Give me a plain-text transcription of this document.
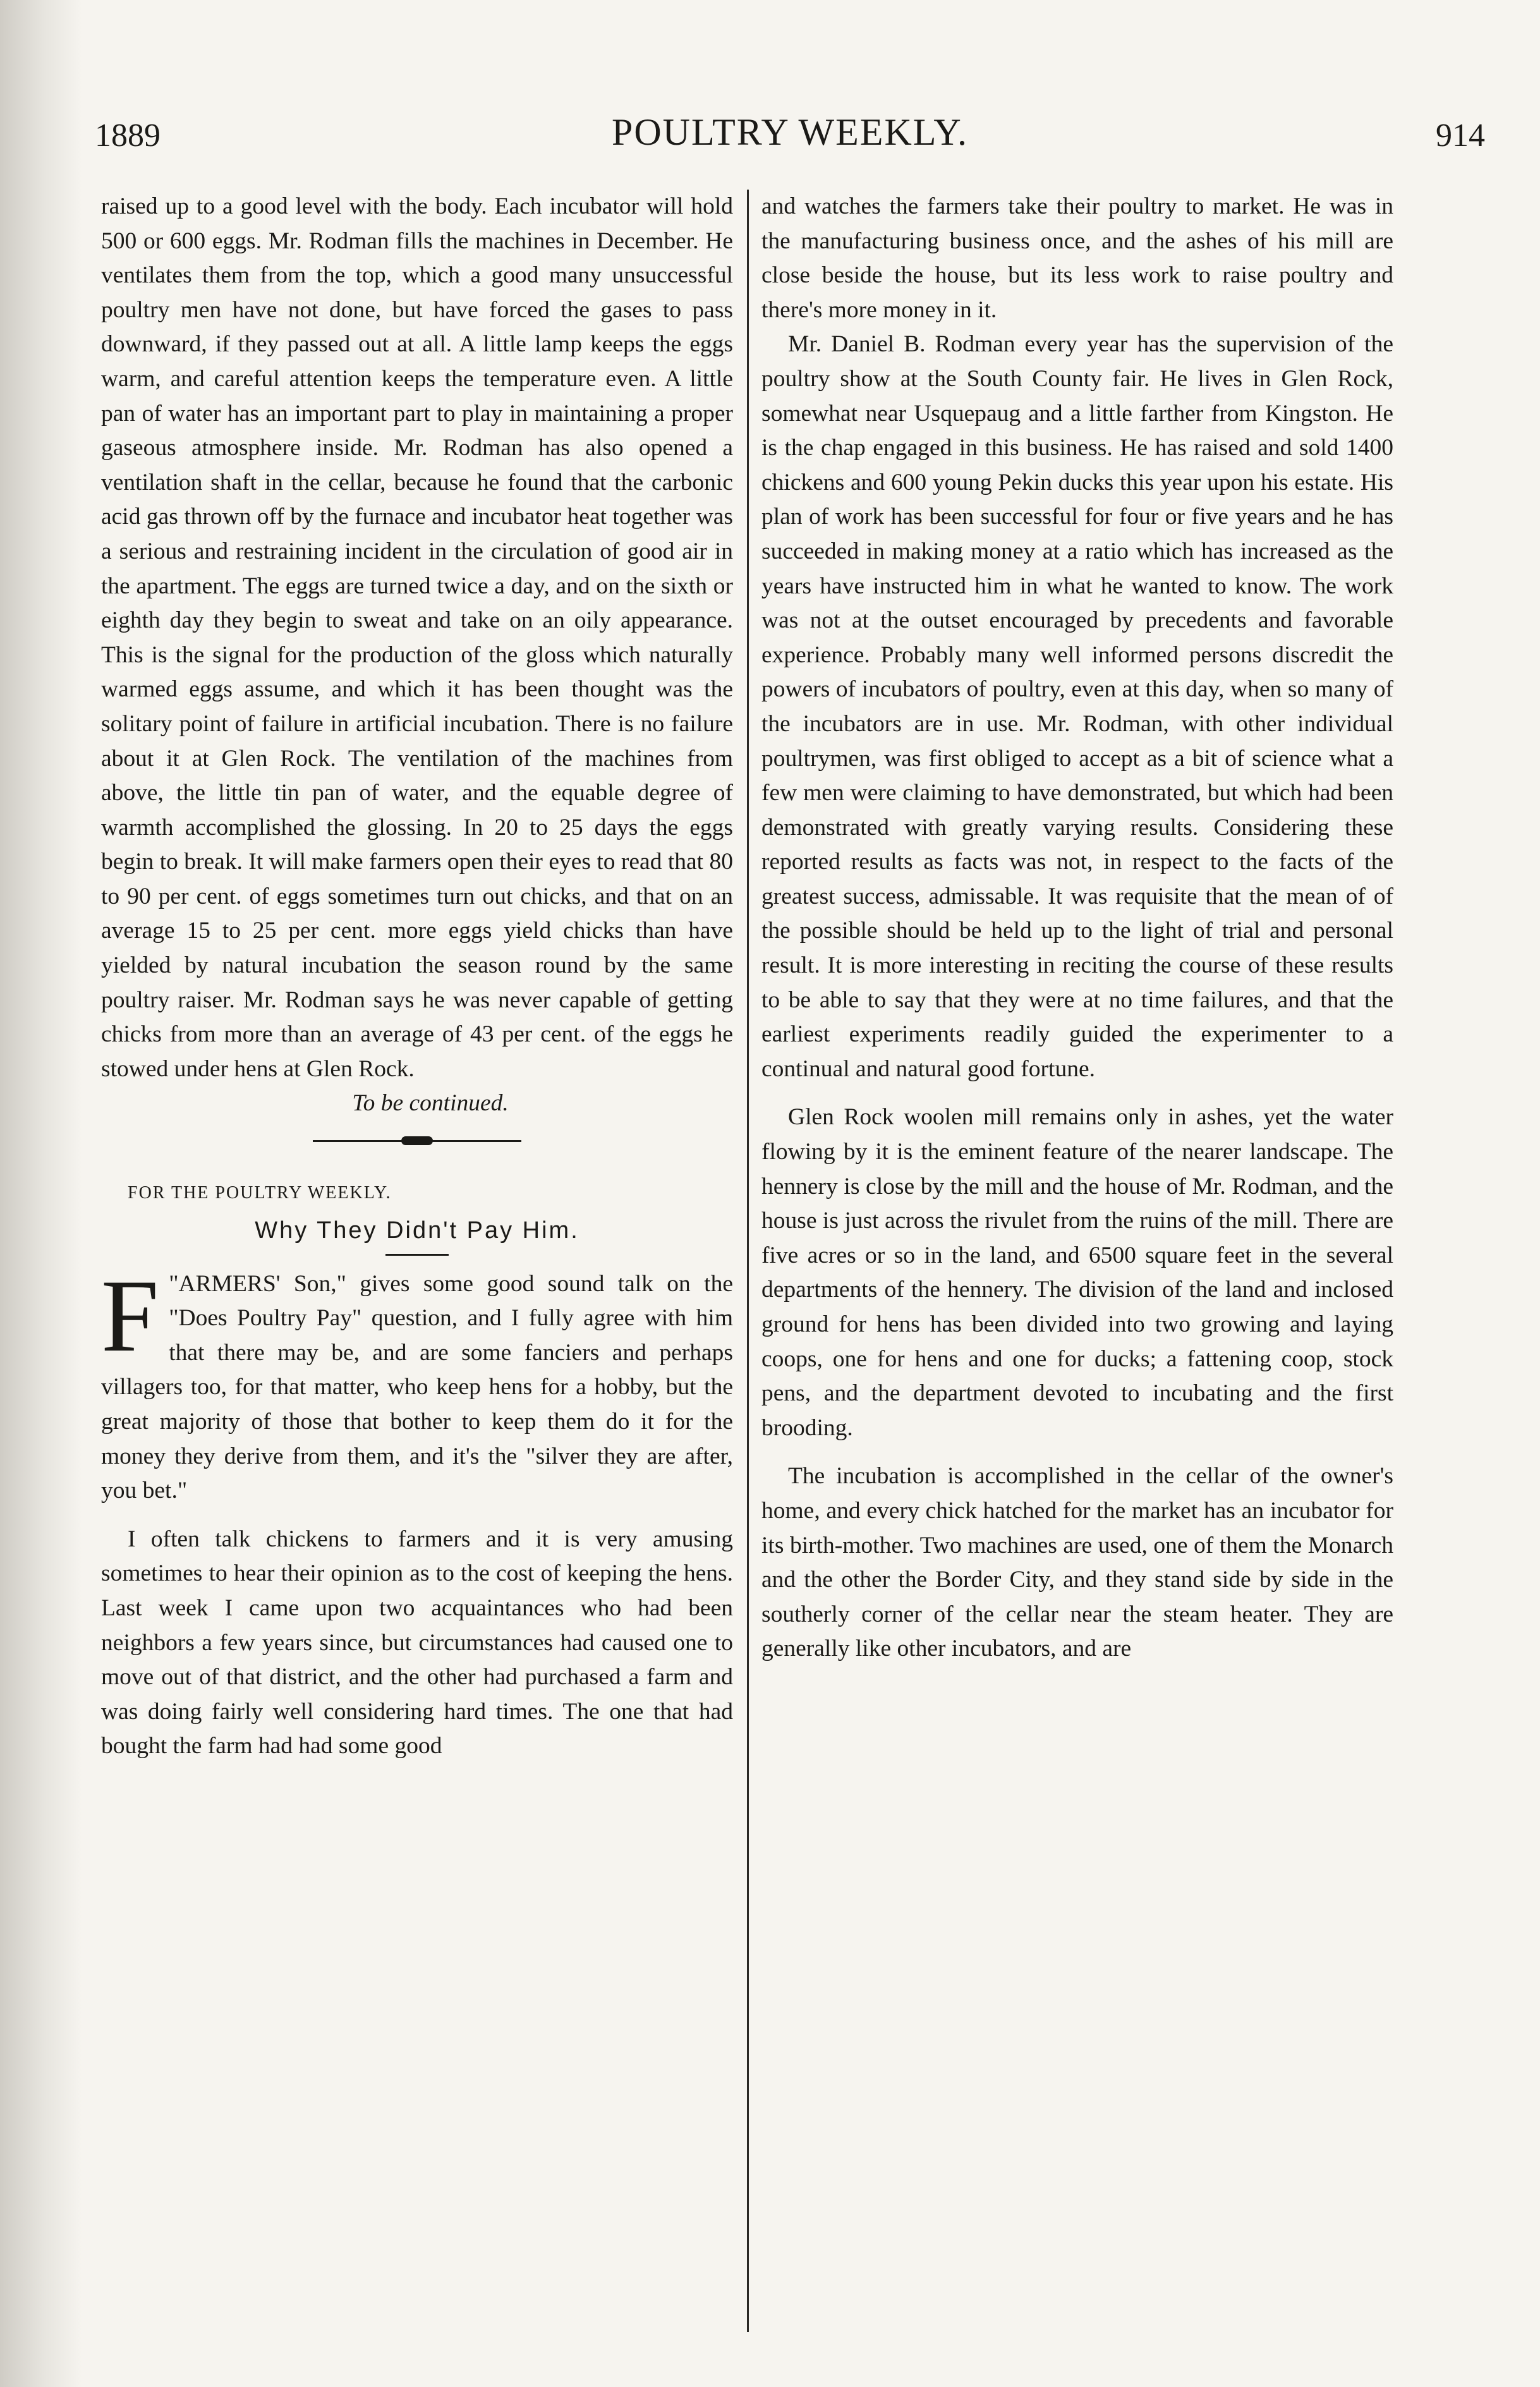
1889	POULTRY WEEKLY.	914

raised up to a good level with the body. Each incubator will hold 500 or 600 eggs. Mr. Rodman fills the machines in December. He ventilates them from the top, which a good many unsuccessful poultry men have not done, but have forced the gases to pass downward, if they passed out at all. A little lamp keeps the eggs warm, and careful attention keeps the temperature even. A little pan of water has an important part to play in maintaining a proper gaseous atmosphere inside. Mr. Rodman has also opened a ventilation shaft in the cellar, because he found that the carbonic acid gas thrown off by the furnace and incubator heat together was a serious and restraining incident in the circulation of good air in the apartment. The eggs are turned twice a day, and on the sixth or eighth day they begin to sweat and take on an oily appearance. This is the signal for the production of the gloss which naturally warmed eggs assume, and which it has been thought was the solitary point of failure in artificial incubation. There is no failure about it at Glen Rock. The ventilation of the machines from above, the little tin pan of water, and the equable degree of warmth accomplished the glossing. In 20 to 25 days the eggs begin to break. It will make farmers open their eyes to read that 80 to 90 per cent. of eggs sometimes turn out chicks, and that on an average 15 to 25 per cent. more eggs yield chicks than have yielded by natural incubation the season round by the same poultry raiser. Mr. Rodman says he was never capable of getting chicks from more than an average of 43 per cent. of the eggs he stowed under hens at Glen Rock.

To be continued.

FOR THE POULTRY WEEKLY.

Why They Didn't Pay Him.

F "ARMERS' Son," gives some good sound talk on the "Does Poultry Pay" question, and I fully agree with him that there may be, and are some fanciers and perhaps villagers too, for that matter, who keep hens for a hobby, but the great majority of those that bother to keep them do it for the money they derive from them, and it's the "silver they are after, you bet."

I often talk chickens to farmers and it is very amusing sometimes to hear their opinion as to the cost of keeping the hens. Last week I came upon two acquaintances who had been neighbors a few years since, but circumstances had caused one to move out of that district, and the other had purchased a farm and was doing fairly well considering hard times. The one that had bought the farm had had some good

and watches the farmers take their poultry to market. He was in the manufacturing business once, and the ashes of his mill are close beside the house, but its less work to raise poultry and there's more money in it.

Mr. Daniel B. Rodman every year has the supervision of the poultry show at the South County fair. He lives in Glen Rock, somewhat near Usquepaug and a little farther from Kingston. He is the chap engaged in this business. He has raised and sold 1400 chickens and 600 young Pekin ducks this year upon his estate. His plan of work has been successful for four or five years and he has succeeded in making money at a ratio which has increased as the years have instructed him in what he wanted to know. The work was not at the outset encouraged by precedents and favorable experience. Probably many well informed persons discredit the powers of incubators of poultry, even at this day, when so many of the incubators are in use. Mr. Rodman, with other individual poultrymen, was first obliged to accept as a bit of science what a few men were claiming to have demonstrated, but which had been demonstrated with greatly varying results. Considering these reported results as facts was not, in respect to the facts of the greatest success, admissable. It was requisite that the mean of of the possible should be held up to the light of trial and personal result. It is more interesting in reciting the course of these results to be able to say that they were at no time failures, and that the earliest experiments readily guided the experimenter to a continual and natural good fortune.

Glen Rock woolen mill remains only in ashes, yet the water flowing by it is the eminent feature of the nearer landscape. The hennery is close by the mill and the house of Mr. Rodman, and the house is just across the rivulet from the ruins of the mill. There are five acres or so in the land, and 6500 square feet in the several departments of the hennery. The division of the land and inclosed ground for hens has been divided into two growing and laying coops, one for hens and one for ducks; a fattening coop, stock pens, and the department devoted to incubating and the first brooding.

The incubation is accomplished in the cellar of the owner's home, and every chick hatched for the market has an incubator for its birth-mother. Two machines are used, one of them the Monarch and the other the Border City, and they stand side by side in the southerly corner of the cellar near the steam heater. They are generally like other incubators, and are
